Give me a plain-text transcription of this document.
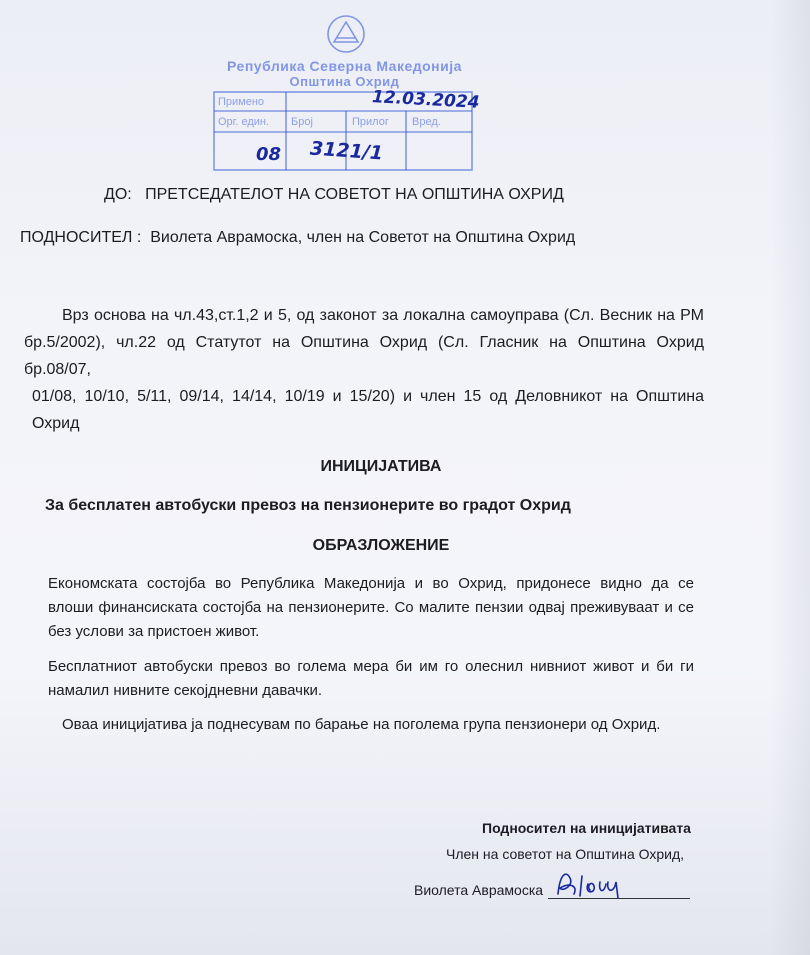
Република Северна Македонија
Општина Охрид
Примено
Орг. един. Број	Прилог Вред.
12.03.2024
08 3121/1
ДО: ПРЕТСЕДАТЕЛОТ НА СОВЕТОТ НА ОПШТИНА ОХРИД
ПОДНОСИТЕЛ : Виолета Аврамоска, член на Советот на Општина Охрид
Врз основа на чл.43,ст.1,2 и 5, од законот за локална самоуправа (Сл. Весник на РМ
бр.5/2002), чл.22 од Статутот на Општина Охрид (Сл. Гласник на Општина Охрид бр.08/07,
01/08, 10/10, 5/11, 09/14, 14/14, 10/19 и 15/20) и член 15 од Деловникот на Општина
Охрид
ИНИЦИЈАТИВА
За бесплатен автобуски превоз на пензионерите во градот Охрид
ОБРАЗЛОЖЕНИЕ
Економската состојба во Република Македонија и во Охрид, придонесе видно да се
влоши финансиската состојба на пензионерите. Со малите пензии одвај преживуваат и се
без услови за пристоен живот.
Бесплатниот автобуски превоз во голема мера би им го олеснил нивниот живот и би ги
намалил нивните секојдневни давачки.
Оваа иницијатива ја поднесувам по барање на поголема група пензионери од Охрид.
Подносител на иницијативата
Член на советот на Општина Охрид,
Виолета Аврамоска
